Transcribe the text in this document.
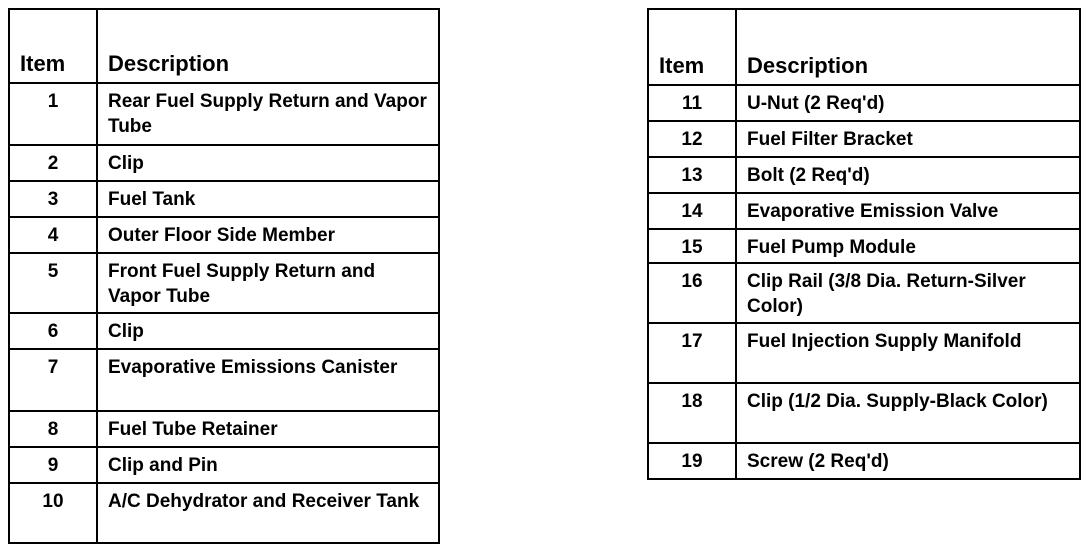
Item	Description
1	Rear Fuel Supply Return and Vapor Tube
2	Clip
3	Fuel Tank
4	Outer Floor Side Member
5	Front Fuel Supply Return and Vapor Tube
6	Clip
7	Evaporative Emissions Canister
8	Fuel Tube Retainer
9	Clip and Pin
10	A/C Dehydrator and Receiver Tank
Item	Description
11	U-Nut (2 Req'd)
12	Fuel Filter Bracket
13	Bolt (2 Req'd)
14	Evaporative Emission Valve
15	Fuel Pump Module
16	Clip Rail (3/8 Dia. Return-Silver Color)
17	Fuel Injection Supply Manifold
18	Clip (1/2 Dia. Supply-Black Color)
19	Screw (2 Req'd)
